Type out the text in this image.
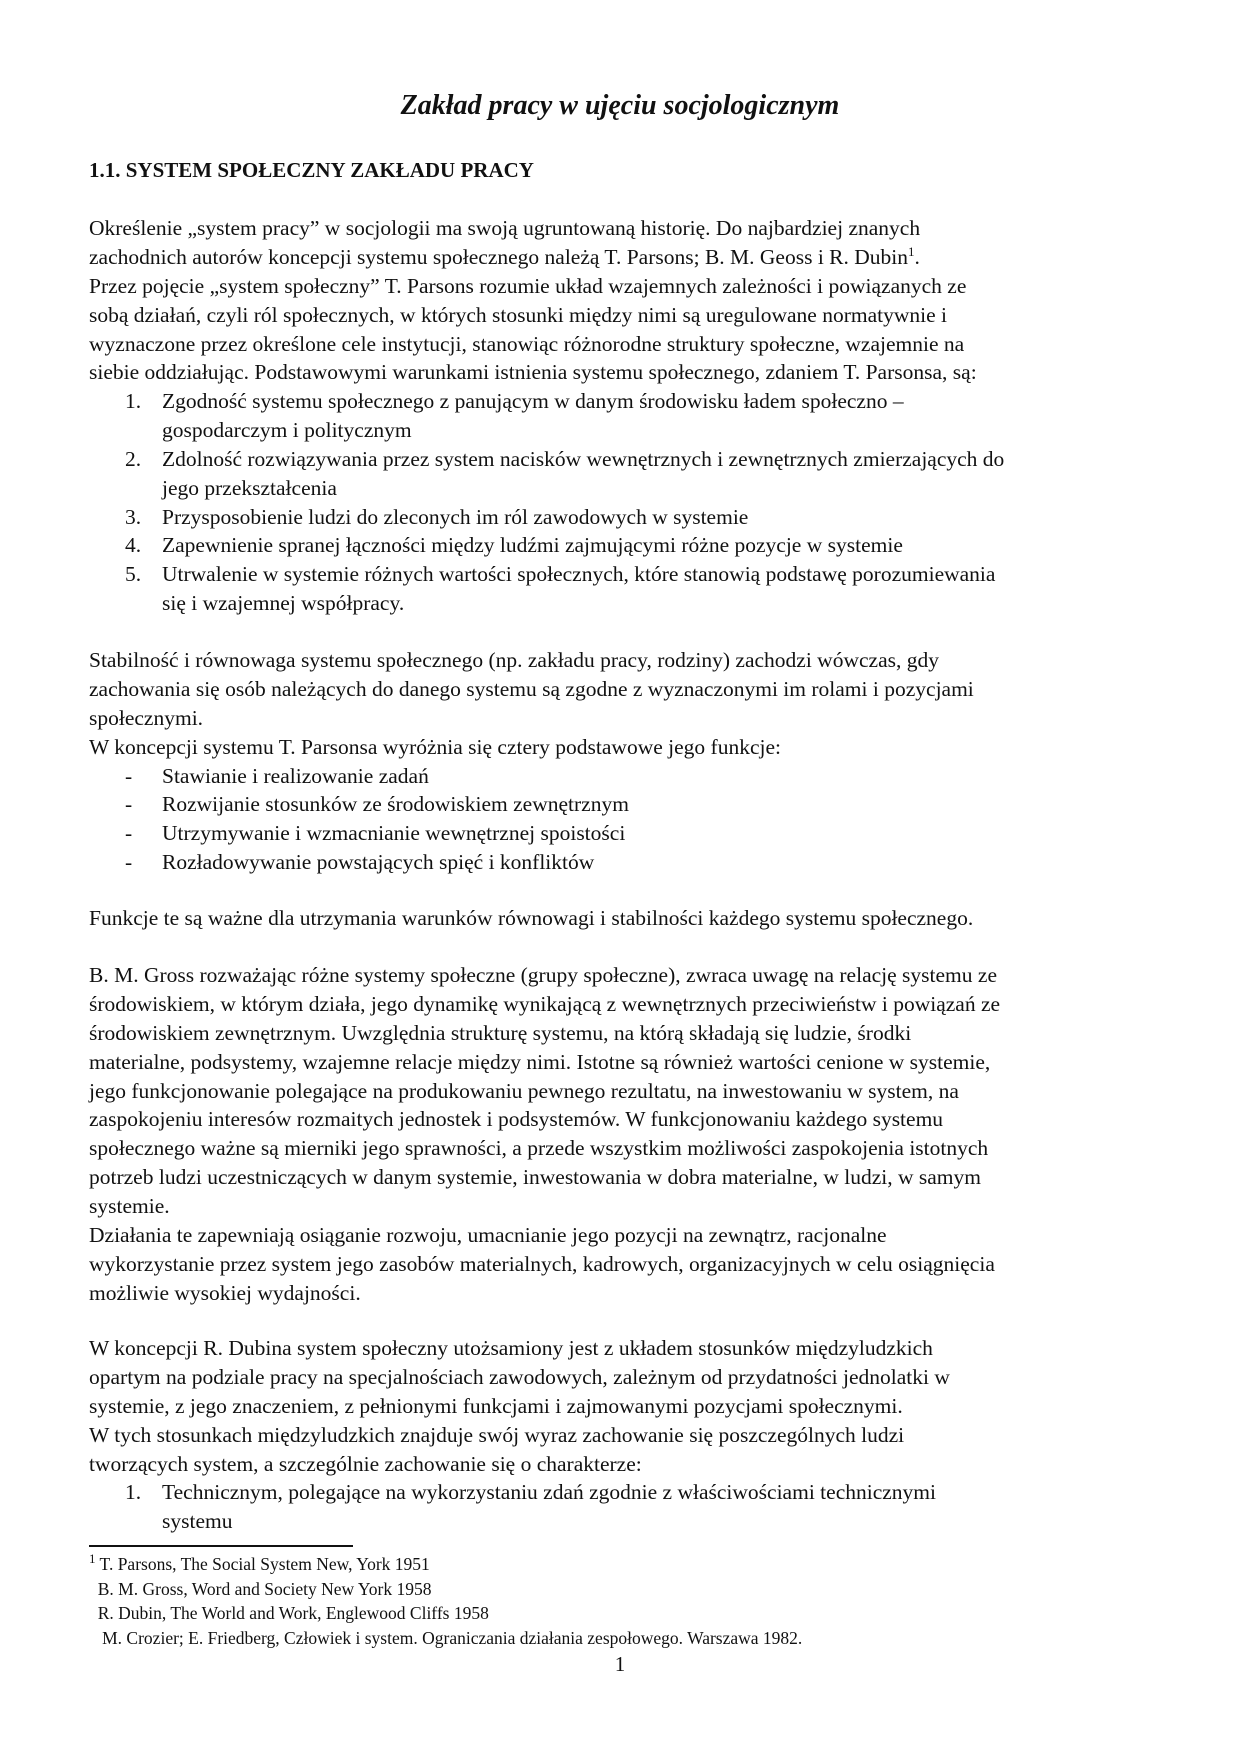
Zakład pracy w ujęciu socjologicznym
1.1. SYSTEM SPOŁECZNY ZAKŁADU PRACY
Określenie „system pracy” w socjologii ma swoją ugruntowaną historię. Do najbardziej znanych
zachodnich autorów koncepcji systemu społecznego należą T. Parsons; B. M. Geoss i R. Dubin$^1$.
Przez pojęcie „system społeczny” T. Parsons rozumie układ wzajemnych zależności i powiązanych ze
sobą działań, czyli ról społecznych, w których stosunki między nimi są uregulowane normatywnie i
wyznaczone przez określone cele instytucji, stanowiąc różnorodne struktury społeczne, wzajemnie na
siebie oddziałując. Podstawowymi warunkami istnienia systemu społecznego, zdaniem T. Parsonsa, są:
1. Zgodność systemu społecznego z panującym w danym środowisku ładem społeczno –
gospodarczym i politycznym
2. Zdolność rozwiązywania przez system nacisków wewnętrznych i zewnętrznych zmierzających do
jego przekształcenia
3. Przysposobienie ludzi do zleconych im ról zawodowych w systemie
4. Zapewnienie spranej łączności między ludźmi zajmującymi różne pozycje w systemie
5. Utrwalenie w systemie różnych wartości społecznych, które stanowią podstawę porozumiewania
się i wzajemnej współpracy.
Stabilność i równowaga systemu społecznego (np. zakładu pracy, rodziny) zachodzi wówczas, gdy
zachowania się osób należących do danego systemu są zgodne z wyznaczonymi im rolami i pozycjami
społecznymi.
W koncepcji systemu T. Parsonsa wyróżnia się cztery podstawowe jego funkcje:
- Stawianie i realizowanie zadań
- Rozwijanie stosunków ze środowiskiem zewnętrznym
- Utrzymywanie i wzmacnianie wewnętrznej spoistości
- Rozładowywanie powstających spięć i konfliktów
Funkcje te są ważne dla utrzymania warunków równowagi i stabilności każdego systemu społecznego.
B. M. Gross rozważając różne systemy społeczne (grupy społeczne), zwraca uwagę na relację systemu ze
środowiskiem, w którym działa, jego dynamikę wynikającą z wewnętrznych przeciwieństw i powiązań ze
środowiskiem zewnętrznym. Uwzględnia strukturę systemu, na którą składają się ludzie, środki
materialne, podsystemy, wzajemne relacje między nimi. Istotne są również wartości cenione w systemie,
jego funkcjonowanie polegające na produkowaniu pewnego rezultatu, na inwestowaniu w system, na
zaspokojeniu interesów rozmaitych jednostek i podsystemów. W funkcjonowaniu każdego systemu
społecznego ważne są mierniki jego sprawności, a przede wszystkim możliwości zaspokojenia istotnych
potrzeb ludzi uczestniczących w danym systemie, inwestowania w dobra materialne, w ludzi, w samym
systemie.
Działania te zapewniają osiąganie rozwoju, umacnianie jego pozycji na zewnątrz, racjonalne
wykorzystanie przez system jego zasobów materialnych, kadrowych, organizacyjnych w celu osiągnięcia
możliwie wysokiej wydajności.
W koncepcji R. Dubina system społeczny utożsamiony jest z układem stosunków międzyludzkich
opartym na podziale pracy na specjalnościach zawodowych, zależnym od przydatności jednolatki w
systemie, z jego znaczeniem, z pełnionymi funkcjami i zajmowanymi pozycjami społecznymi.
W tych stosunkach międzyludzkich znajduje swój wyraz zachowanie się poszczególnych ludzi
tworzących system, a szczególnie zachowanie się o charakterze:
1. Technicznym, polegające na wykorzystaniu zdań zgodnie z właściwościami technicznymi
systemu
$^1$ T. Parsons, The Social System New, York 1951
B. M. Gross, Word and Society New York 1958
R. Dubin, The World and Work, Englewood Cliffs 1958
M. Crozier; E. Friedberg, Człowiek i system. Ograniczania działania zespołowego. Warszawa 1982.
1
